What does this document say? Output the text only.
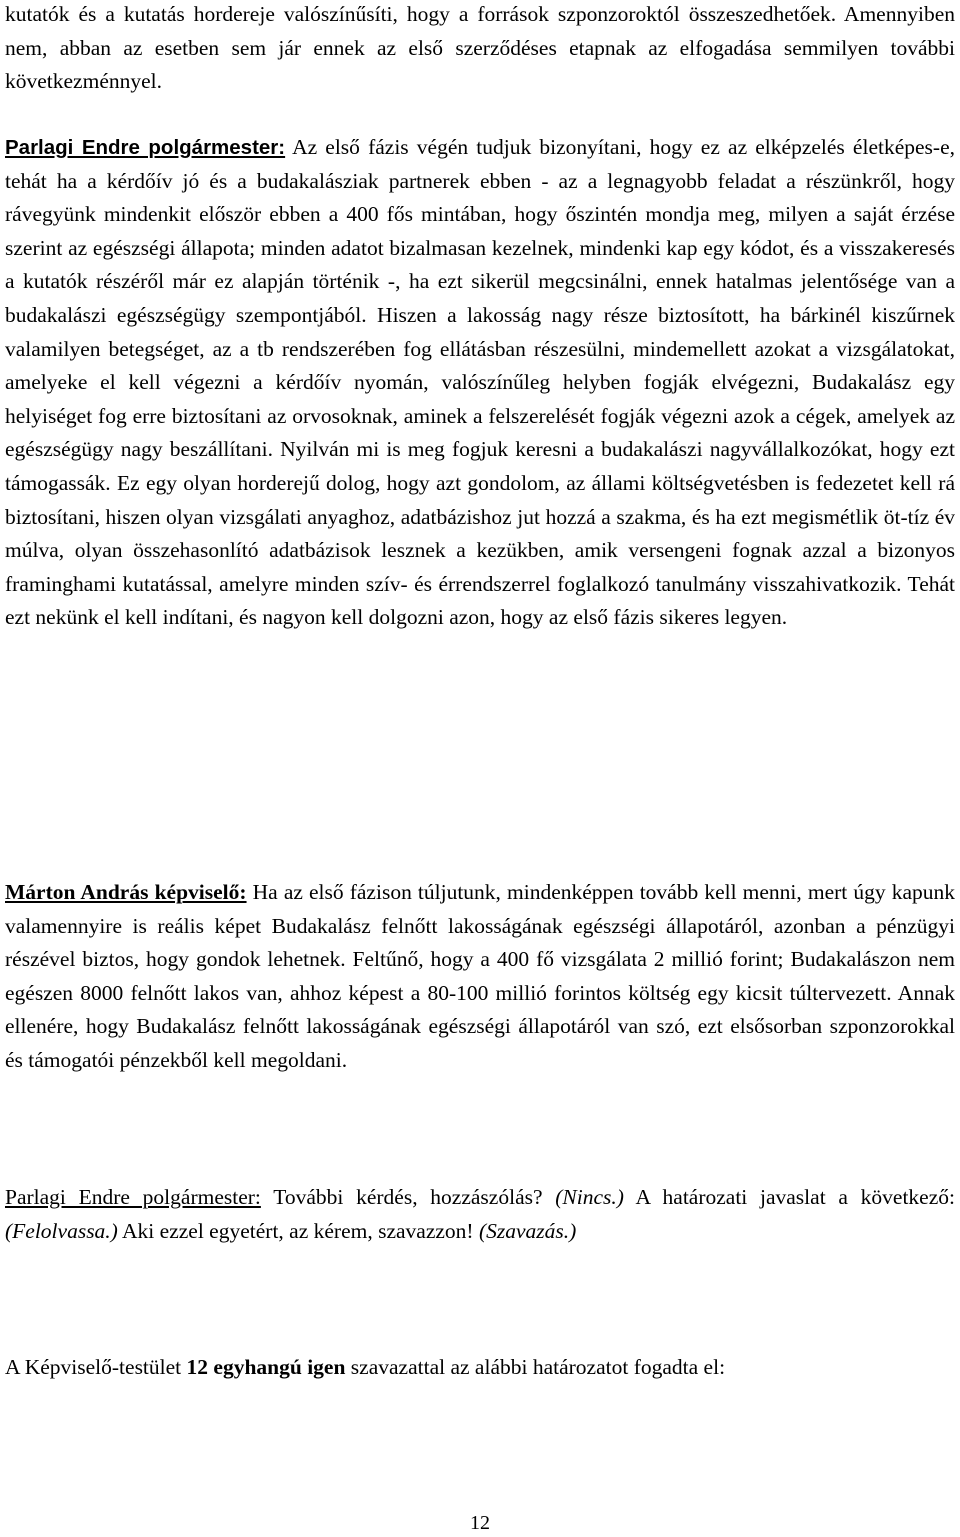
kutatók és a kutatás hordereje valószínűsíti, hogy a források szponzoroktól összeszedhetőek. Amennyiben nem, abban az esetben sem jár ennek az első szerződéses etapnak az elfogadása semmilyen további következménnyel.

Parlagi Endre polgármester: Az első fázis végén tudjuk bizonyítani, hogy ez az elképzelés életképes-e, tehát ha a kérdőív jó és a budakalásziak partnerek ebben - az a legnagyobb feladat a részünkről, hogy rávegyünk mindenkit először ebben a 400 fős mintában, hogy őszintén mondja meg, milyen a saját érzése szerint az egészségi állapota; minden adatot bizalmasan kezelnek, mindenki kap egy kódot, és a visszakeresés a kutatók részéről már ez alapján történik -, ha ezt sikerül megcsinálni, ennek hatalmas jelentősége van a budakalászi egészségügy szempontjából. Hiszen a lakosság nagy része biztosított, ha bárkinél kiszűrnek valamilyen betegséget, az a tb rendszerében fog ellátásban részesülni, mindemellett azokat a vizsgálatokat, amelyeke el kell végezni a kérdőív nyomán, valószínűleg helyben fogják elvégezni, Budakalász egy helyiséget fog erre biztosítani az orvosoknak, aminek a felszerelését fogják végezni azok a cégek, amelyek az egészségügy nagy beszállítani. Nyilván mi is meg fogjuk keresni a budakalászi nagyvállalkozókat, hogy ezt támogassák. Ez egy olyan horderejű dolog, hogy azt gondolom, az állami költségvetésben is fedezetet kell rá biztosítani, hiszen olyan vizsgálati anyaghoz, adatbázishoz jut hozzá a szakma, és ha ezt megismétlik öt-tíz év múlva, olyan összehasonlító adatbázisok lesznek a kezükben, amik versengeni fognak azzal a bizonyos framinghami kutatással, amelyre minden szív- és érrendszerrel foglalkozó tanulmány visszahivatkozik. Tehát ezt nekünk el kell indítani, és nagyon kell dolgozni azon, hogy az első fázis sikeres legyen.

Márton András képviselő: Ha az első fázison túljutunk, mindenképpen tovább kell menni, mert úgy kapunk valamennyire is reális képet Budakalász felnőtt lakosságának egészségi állapotáról, azonban a pénzügyi részével biztos, hogy gondok lehetnek. Feltűnő, hogy a 400 fő vizsgálata 2 millió forint; Budakalászon nem egészen 8000 felnőtt lakos van, ahhoz képest a 80-100 millió forintos költség egy kicsit túltervezett. Annak ellenére, hogy Budakalász felnőtt lakosságának egészségi állapotáról van szó, ezt elsősorban szponzorokkal és támogatói pénzekből kell megoldani.

Parlagi Endre polgármester: További kérdés, hozzászólás? (Nincs.) A határozati javaslat a következő: (Felolvassa.) Aki ezzel egyetért, az kérem, szavazzon! (Szavazás.)

A Képviselő-testület 12 egyhangú igen szavazattal az alábbi határozatot fogadta el:

12
